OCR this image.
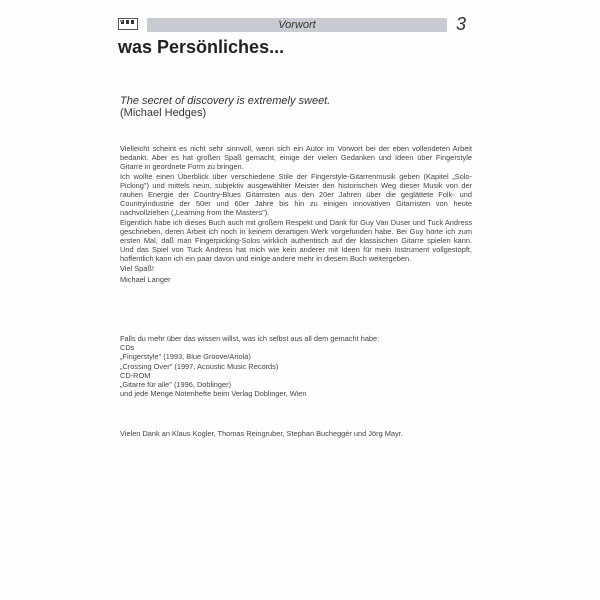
Vorwort	3
was Persönliches...
The secret of discovery is extremely sweet.
(Michael Hedges)

Vielleicht scheint es nicht sehr sinnvoll, wenn sich ein Autor im Vorwort bei der eben vollendeten Arbeit bedankt. Aber es hat großen Spaß gemacht, einige der vielen Gedanken und Ideen über Fingerstyle Gitarre in geordnete Form zu bringen.

Ich wollte einen Überblick über verschiedene Stile der Fingerstyle-Gitarrenmusik geben (Kapitel „Solo-Picking") und mittels neun, subjektiv ausgewählter Meister den historischen Weg dieser Musik von der rauhen Energie der Country-Blues Gitarristen aus den 20er Jahren über die geglättete Folk- und Countryindustrie der 50er und 60er Jahre bis hin zu einigen innovativen Gitarristen von heute nachvollziehen („Learning from the Masters").

Eigentlich habe ich dieses Buch auch mit großem Respekt und Dank für Guy Van Duser und Tuck Andress geschrieben, deren Arbeit ich noch in keinem derartigen Werk vorgefunden habe. Bei Guy hörte ich zum ersten Mal, daß man Fingerpicking-Solos wirklich authentisch auf der klassischen Gitarre spielen kann. Und das Spiel von Tuck Andress hat mich wie kein anderer mit Ideen für mein Instrument vollgestopft, hoffentlich kann ich ein paar davon und einige andere mehr in diesem Buch weitergeben.

Viel Spaß!

Michael Langer
Falls du mehr über das wissen willst, was ich selbst aus all dem gemacht habe:
CDs
„Fingerstyle" (1993, Blue Groove/Ariola)
„Crossing Over" (1997, Acoustic Music Records)
CD-ROM
„Gitarre für alle" (1996, Doblinger)
und jede Menge Notenhefte beim Verlag Doblinger, Wien
Vielen Dank an Klaus Kogler, Thomas Reingruber, Stephan Bucheggér und Jörg Mayr.
